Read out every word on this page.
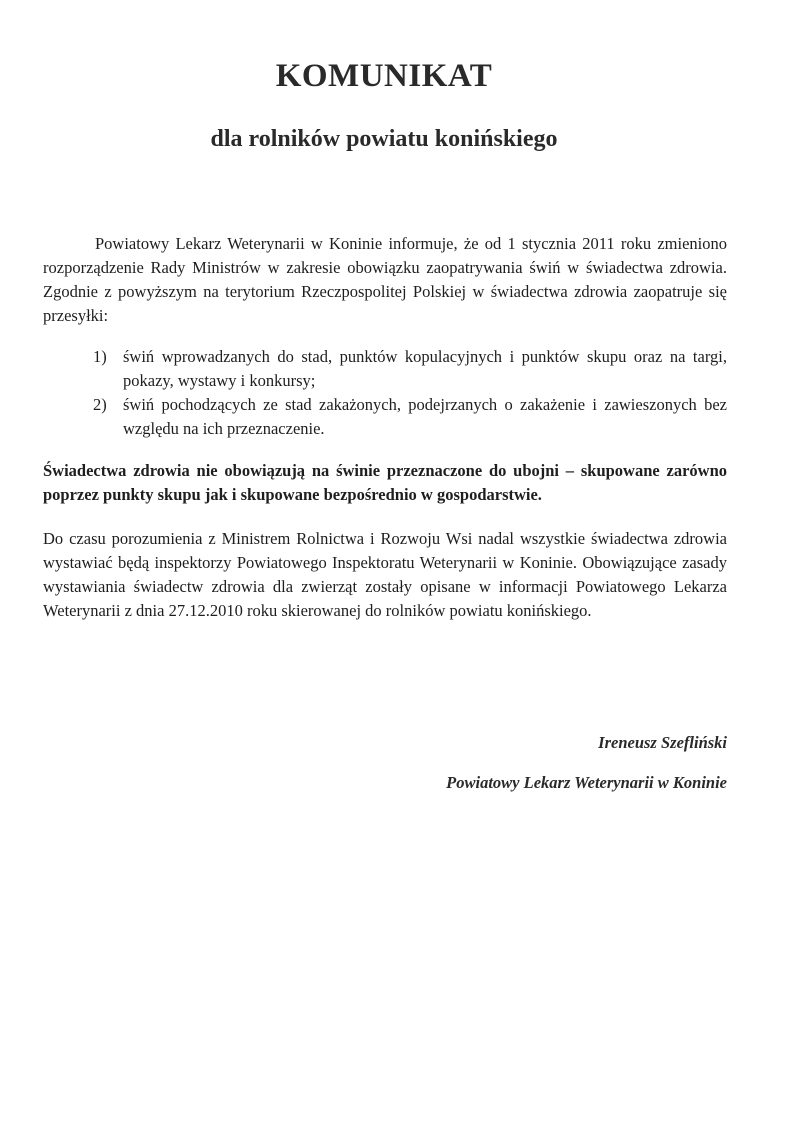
KOMUNIKAT
dla rolników powiatu konińskiego
Powiatowy Lekarz Weterynarii w Koninie informuje, że od 1 stycznia 2011 roku zmieniono rozporządzenie Rady Ministrów w zakresie obowiązku zaopatrywania świń w świadectwa zdrowia. Zgodnie z powyższym na terytorium Rzeczpospolitej Polskiej w świadectwa zdrowia zaopatruje się przesyłki:
1) świń wprowadzanych do stad, punktów kopulacyjnych i punktów skupu oraz na targi, pokazy, wystawy i konkursy;
2) świń pochodzących ze stad zakażonych, podejrzanych o zakażenie i zawieszonych bez względu na ich przeznaczenie.
Świadectwa zdrowia nie obowiązują na świnie przeznaczone do ubojni – skupowane zarówno poprzez punkty skupu jak i skupowane bezpośrednio w gospodarstwie.
Do czasu porozumienia z Ministrem Rolnictwa i Rozwoju Wsi nadal wszystkie świadectwa zdrowia wystawiać będą inspektorzy Powiatowego Inspektoratu Weterynarii w Koninie. Obowiązujące zasady wystawiania świadectw zdrowia dla zwierząt zostały opisane w informacji Powiatowego Lekarza Weterynarii z dnia 27.12.2010 roku skierowanej do rolników powiatu konińskiego.
Ireneusz Szefliński
Powiatowy Lekarz Weterynarii w Koninie
